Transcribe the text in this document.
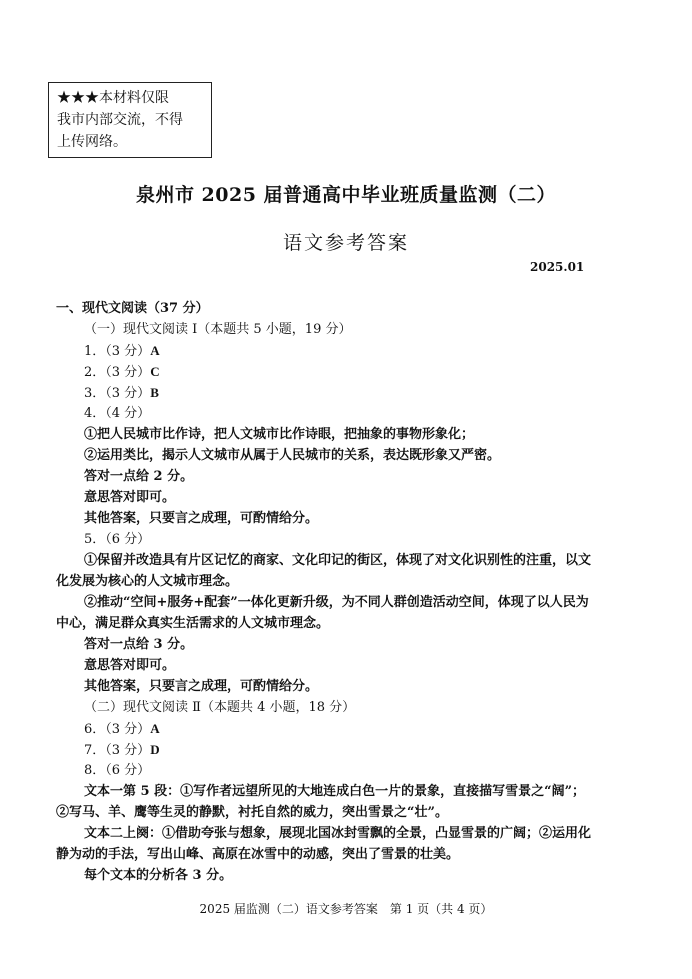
★★★本材料仅限
我市内部交流，不得
上传网络。
泉州市 2025 届普通高中毕业班质量监测（二）
语文参考答案
2025.01
一、现代文阅读（37 分）
（一）现代文阅读 Ⅰ（本题共 5 小题，19 分）
1．（3 分）A
2．（3 分）C
3．（3 分）B
4．（4 分）
①把人民城市比作诗，把人文城市比作诗眼，把抽象的事物形象化；
②运用类比，揭示人文城市从属于人民城市的关系，表达既形象又严密。
答对一点给 2 分。
意思答对即可。
其他答案，只要言之成理，可酌情给分。
5．（6 分）
①保留并改造具有片区记忆的商家、文化印记的街区，体现了对文化识别性的注重，以文
化发展为核心的人文城市理念。
②推动“空间+服务+配套”一体化更新升级，为不同人群创造活动空间，体现了以人民为
中心，满足群众真实生活需求的人文城市理念。
答对一点给 3 分。
意思答对即可。
其他答案，只要言之成理，可酌情给分。
（二）现代文阅读 Ⅱ（本题共 4 小题，18 分）
6．（3 分）A
7．（3 分）D
8．（6 分）
文本一第 5 段：①写作者远望所见的大地连成白色一片的景象，直接描写雪景之“阔”；
②写马、羊、鹰等生灵的静默，衬托自然的威力，突出雪景之“壮”。
文本二上阕：①借助夸张与想象，展现北国冰封雪飘的全景，凸显雪景的广阔；②运用化
静为动的手法，写出山峰、高原在冰雪中的动感，突出了雪景的壮美。
每个文本的分析各 3 分。
2025 届监测（二）语文参考答案　第 1 页（共 4 页）
